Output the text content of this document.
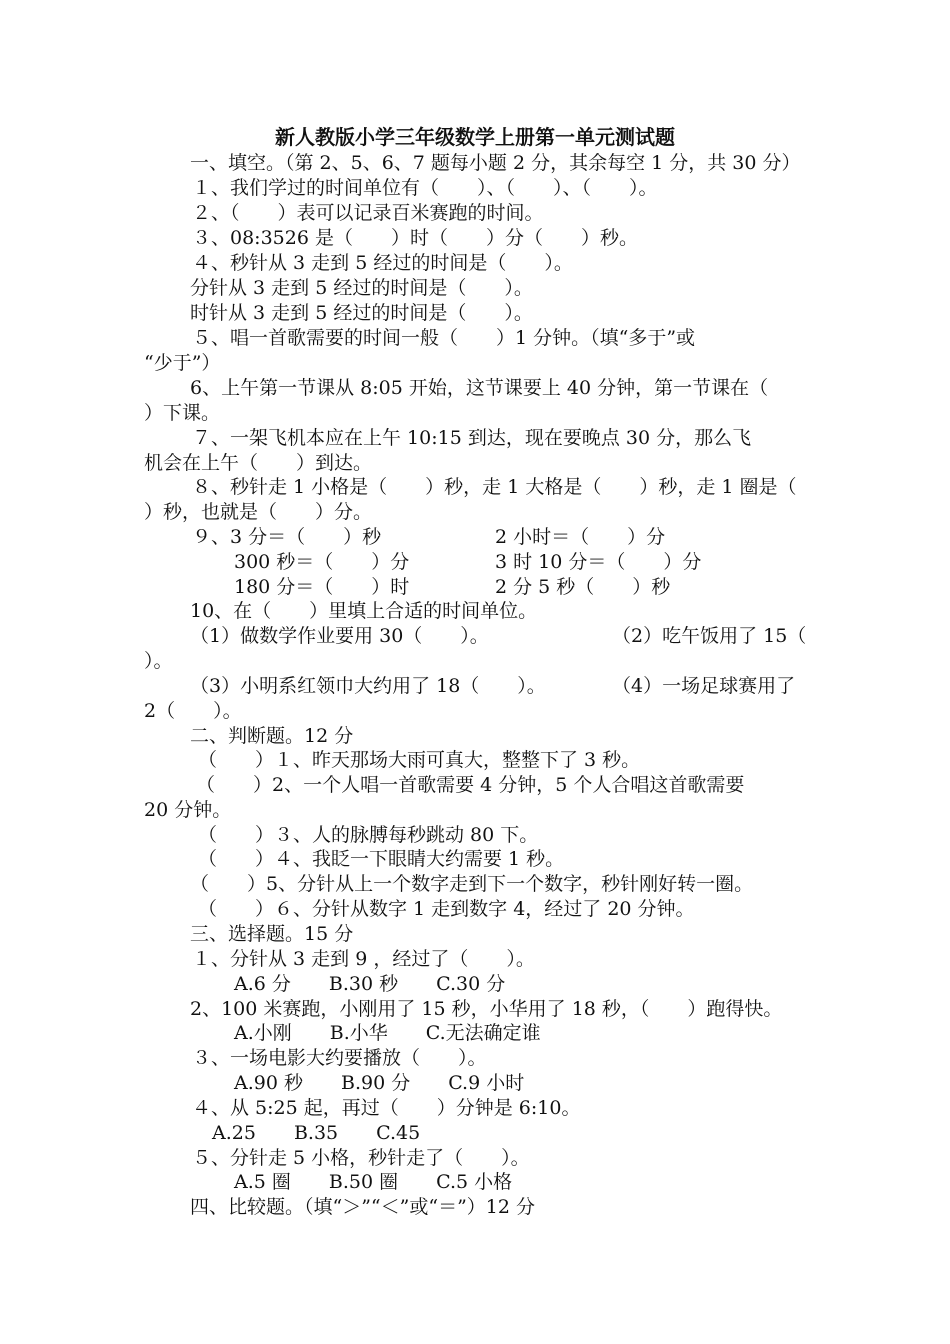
新人教版小学三年级数学上册第一单元测试题
一、填空。（第 2、5、6、7 题每小题 2 分，其余每空 1 分，共 30 分）
１、我们学过的时间单位有（　　）、（　　）、（　　）。
２、（　　）表可以记录百米赛跑的时间。
３、08:3526 是（　　）时（　　）分（　　）秒。
４、秒针从 3 走到 5 经过的时间是（　　）。
分针从 3 走到 5 经过的时间是（　　）。
时针从 3 走到 5 经过的时间是（　　）。
５、唱一首歌需要的时间一般（　　）1 分钟。（填“多于”或
“少于”）
6、上午第一节课从 8:05 开始，这节课要上 40 分钟，第一节课在（
）下课。
７、一架飞机本应在上午 10:15 到达，现在要晚点 30 分，那么飞
机会在上午（　　）到达。
８、秒针走 1 小格是（　　）秒，走 1 大格是（　　）秒，走 1 圈是（
）秒，也就是（　　）分。
９、3 分＝（　　）秒	2 小时＝（　　）分
300 秒＝（　　）分	3 时 10 分＝（　　）分
180 分＝（　　）时	2 分 5 秒（　　）秒
10、在（　　）里填上合适的时间单位。
（1）做数学作业要用 30（　　）。	（2）吃午饭用了 15（
）。
（3）小明系红领巾大约用了 18（　　）。	（4）一场足球赛用了
2（　　）。
二、判断题。12 分
（　　）１、昨天那场大雨可真大，整整下了 3 秒。
（　　）2、一个人唱一首歌需要 4 分钟，5 个人合唱这首歌需要
20 分钟。
（　　）３、人的脉膊每秒跳动 80 下。
（　　）４、我眨一下眼睛大约需要 1 秒。
（　　）5、分针从上一个数字走到下一个数字，秒针刚好转一圈。
（　　）６、分针从数字 1 走到数字 4，经过了 20 分钟。
三、选择题。15 分
１、分针从 3 走到 9 ，经过了（　　）。
A.6 分　　B.30 秒　　C.30 分
2、100 米赛跑，小刚用了 15 秒，小华用了 18 秒，（　　）跑得快。
A.小刚　　B.小华　　C.无法确定谁
３、一场电影大约要播放（　　）。
A.90 秒　　B.90 分　　C.9 小时
４、从 5:25 起，再过（　　）分钟是 6:10。
A.25　　B.35　　C.45
５、分针走 5 小格，秒针走了（　　）。
A.5 圈　　B.50 圈　　C.5 小格
四、比较题。（填“＞”“＜”或“＝”）12 分
